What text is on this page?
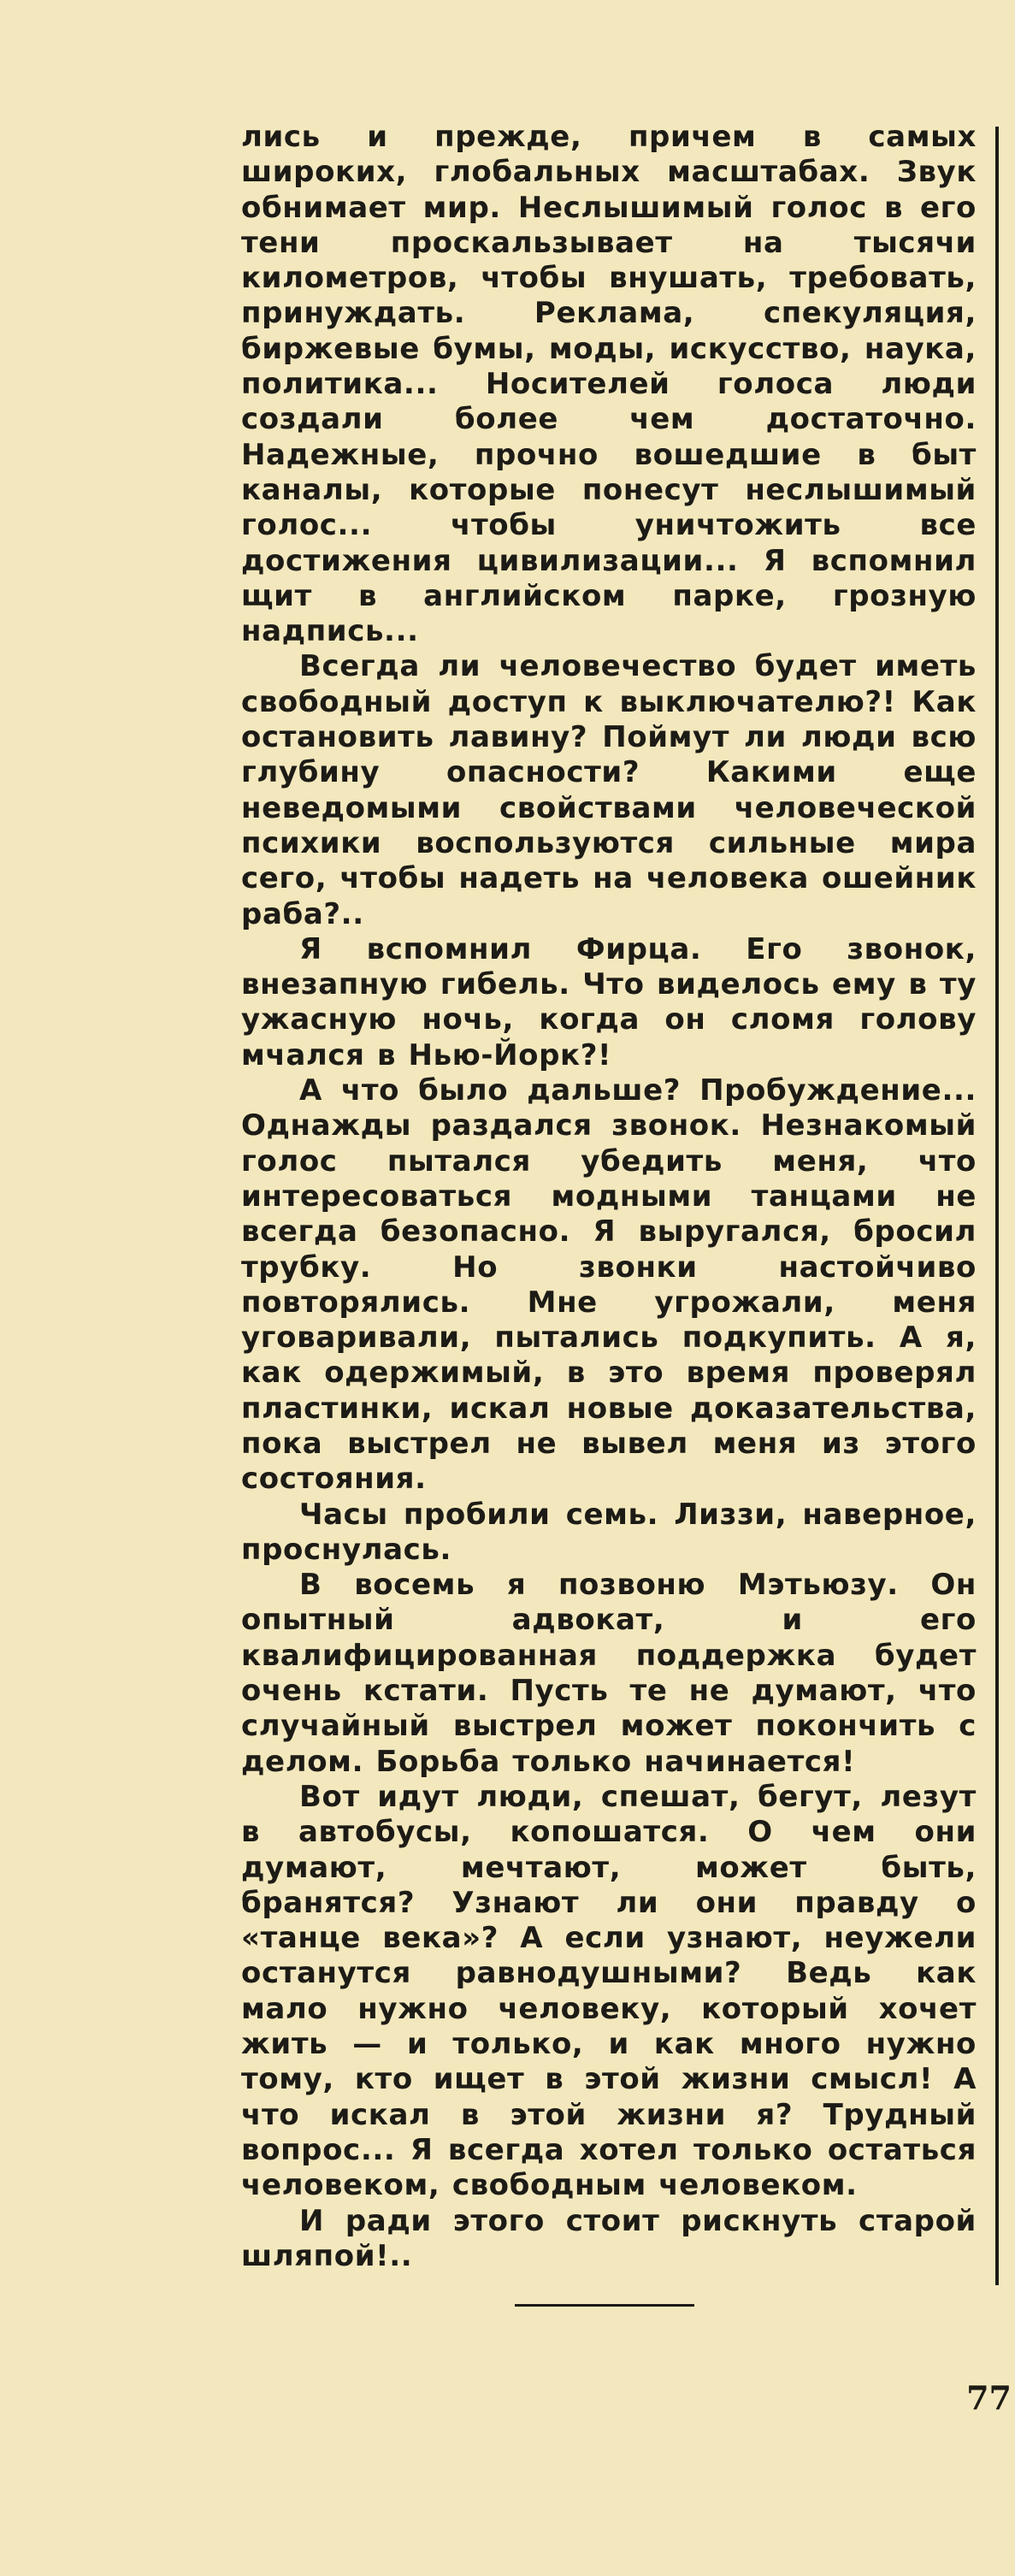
лись и прежде, причем в самых широких, глобальных масштабах. Звук обнимает мир. Неслышимый голос в его тени проскальзывает на тысячи километров, чтобы внушать, требовать, принуждать. Реклама, спекуляция, биржевые бумы, моды, искусство, наука, политика... Носителей голоса люди создали более чем достаточно. Надежные, прочно вошедшие в быт каналы, которые понесут неслышимый голос... чтобы уничтожить все достижения цивилизации... Я вспомнил щит в английском парке, грозную надпись...

Всегда ли человечество будет иметь свободный доступ к выключателю?! Как остановить лавину? Поймут ли люди всю глубину опасности? Какими еще неведомыми свойствами человеческой психики воспользуются сильные мира сего, чтобы надеть на человека ошейник раба?..

Я вспомнил Фирца. Его звонок, внезапную гибель. Что виделось ему в ту ужасную ночь, когда он сломя голову мчался в Нью-Йорк?!

А что было дальше? Пробуждение... Однажды раздался звонок. Незнакомый голос пытался убедить меня, что интересоваться модными танцами не всегда безопасно. Я выругался, бросил трубку. Но звонки настойчиво повторялись. Мне угрожали, меня уговаривали, пытались подкупить. А я, как одержимый, в это время проверял пластинки, искал новые доказательства, пока выстрел не вывел меня из этого состояния.

Часы пробили семь. Лиззи, наверное, проснулась.

В восемь я позвоню Мэтьюзу. Он опытный адвокат, и его квалифицированная поддержка будет очень кстати. Пусть те не думают, что случайный выстрел может покончить с делом. Борьба только начинается!

Вот идут люди, спешат, бегут, лезут в автобусы, копошатся. О чем они думают, мечтают, может быть, бранятся? Узнают ли они правду о «танце века»? А если узнают, неужели останутся равнодушными? Ведь как мало нужно человеку, который хочет жить — и только, и как много нужно тому, кто ищет в этой жизни смысл! А что искал в этой жизни я? Трудный вопрос... Я всегда хотел только остаться человеком, свободным человеком.

И ради этого стоит рискнуть старой шляпой!..

77
